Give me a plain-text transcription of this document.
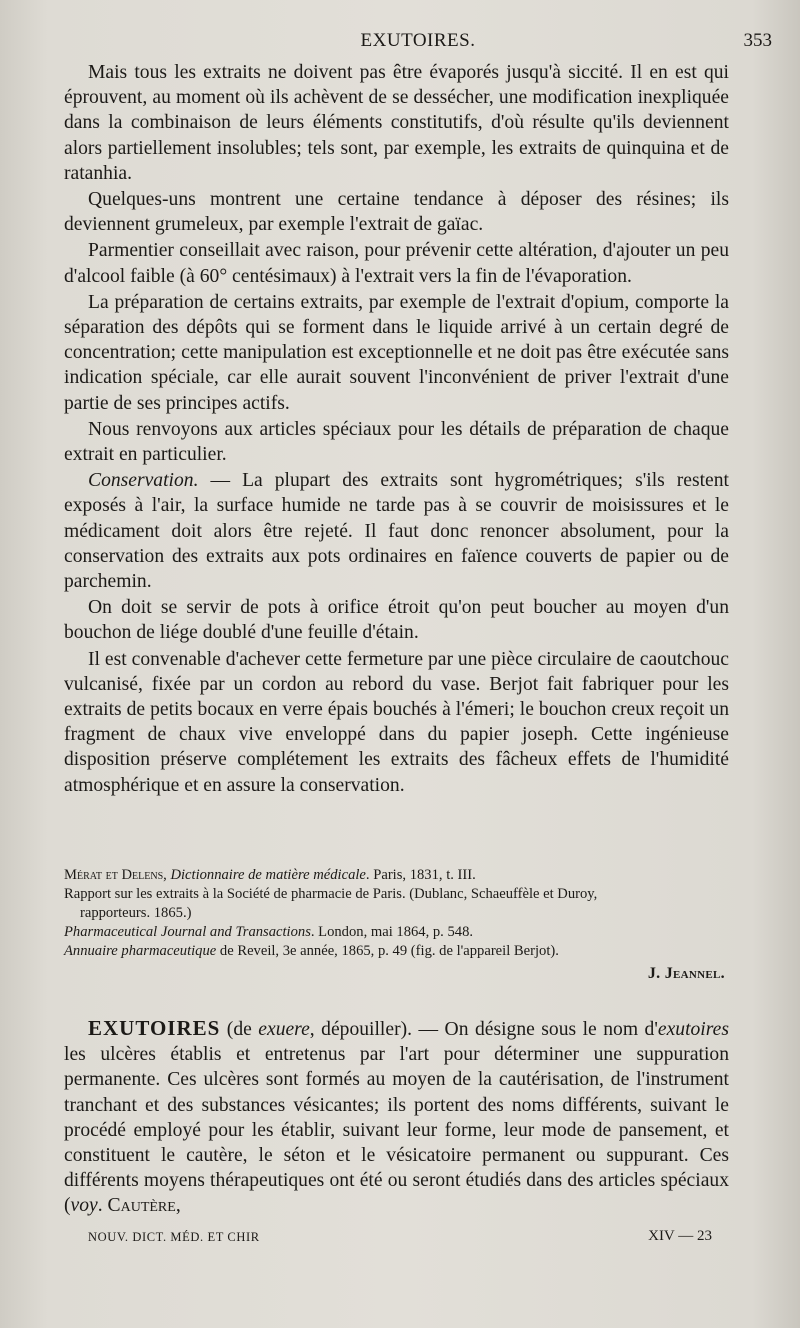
EXUTOIRES.	353

Mais tous les extraits ne doivent pas être évaporés jusqu'à siccité. Il en est qui éprouvent, au moment où ils achèvent de se dessécher, une modification inexpliquée dans la combinaison de leurs éléments constitutifs, d'où résulte qu'ils deviennent alors partiellement insolubles; tels sont, par exemple, les extraits de quinquina et de ratanhia.

Quelques-uns montrent une certaine tendance à déposer des résines; ils deviennent grumeleux, par exemple l'extrait de gaïac.

Parmentier conseillait avec raison, pour prévenir cette altération, d'ajouter un peu d'alcool faible (à 60° centésimaux) à l'extrait vers la fin de l'évaporation.

La préparation de certains extraits, par exemple de l'extrait d'opium, comporte la séparation des dépôts qui se forment dans le liquide arrivé à un certain degré de concentration; cette manipulation est exceptionnelle et ne doit pas être exécutée sans indication spéciale, car elle aurait souvent l'inconvénient de priver l'extrait d'une partie de ses principes actifs.

Nous renvoyons aux articles spéciaux pour les détails de préparation de chaque extrait en particulier.

Conservation. — La plupart des extraits sont hygrométriques; s'ils restent exposés à l'air, la surface humide ne tarde pas à se couvrir de moisissures et le médicament doit alors être rejeté. Il faut donc renoncer absolument, pour la conservation des extraits aux pots ordinaires en faïence couverts de papier ou de parchemin.

On doit se servir de pots à orifice étroit qu'on peut boucher au moyen d'un bouchon de liége doublé d'une feuille d'étain.

Il est convenable d'achever cette fermeture par une pièce circulaire de caoutchouc vulcanisé, fixée par un cordon au rebord du vase. Berjot fait fabriquer pour les extraits de petits bocaux en verre épais bouchés à l'émeri; le bouchon creux reçoit un fragment de chaux vive enveloppé dans du papier joseph. Cette ingénieuse disposition préserve complétement les extraits des fâcheux effets de l'humidité atmosphérique et en assure la conservation.

Mérat et Delens, Dictionnaire de matière médicale. Paris, 1831, t. III.

Rapport sur les extraits à la Société de pharmacie de Paris. (Dublanc, Schaeuffèle et Duroy,

rapporteurs. 1865.)

Pharmaceutical Journal and Transactions. London, mai 1864, p. 548.

Annuaire pharmaceutique de Reveil, 3e année, 1865, p. 49 (fig. de l'appareil Berjot).

J. Jeannel.

EXUTOIRES (de exuere, dépouiller). — On désigne sous le nom d'exutoires les ulcères établis et entretenus par l'art pour déterminer une suppuration permanente. Ces ulcères sont formés au moyen de la cautérisation, de l'instrument tranchant et des substances vésicantes; ils portent des noms différents, suivant le procédé employé pour les établir, suivant leur forme, leur mode de pansement, et constituent le cautère, le séton et le vésicatoire permanent ou suppurant. Ces différents moyens thérapeutiques ont été ou seront étudiés dans des articles spéciaux (voy. Cautère,

NOUV. DICT. MÉD. ET CHIR	XIV — 23
